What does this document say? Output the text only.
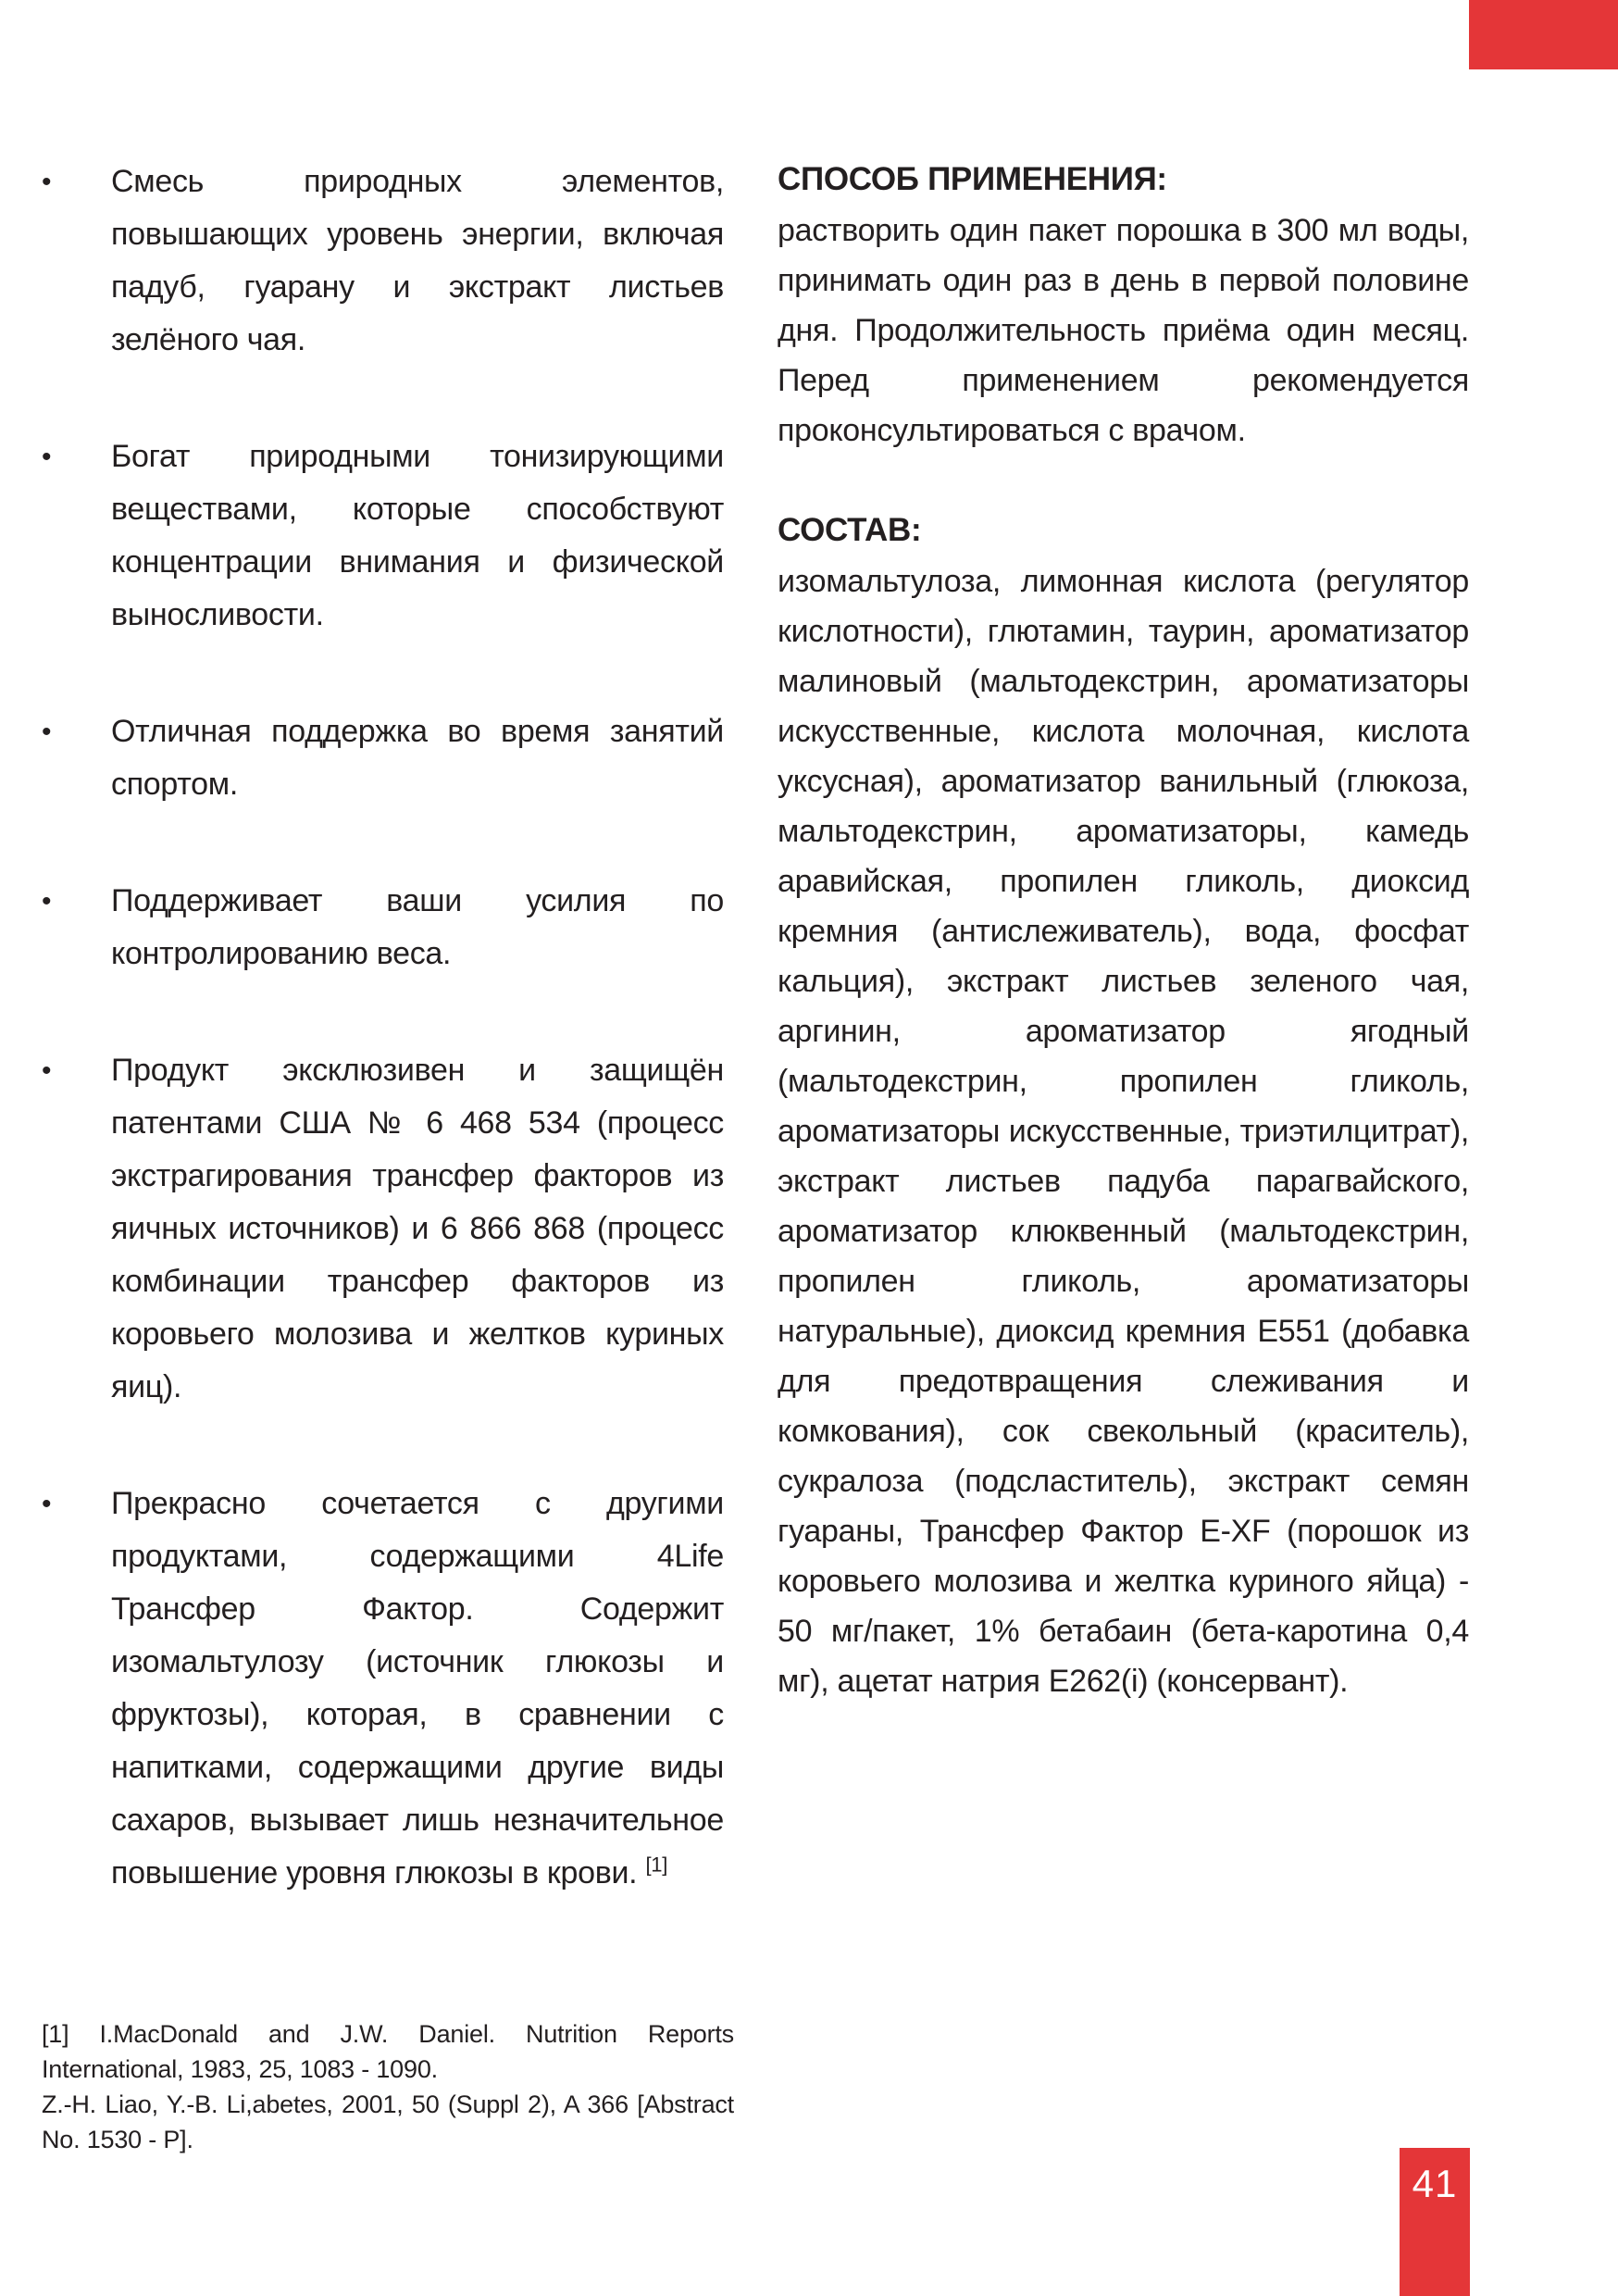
•	Смесь природных элементов, повышающих уровень энергии, включая падуб, гуарану и экстракт листьев зелёного чая.
•	Богат природными тонизирующими веществами, которые способствуют концентрации внимания и физической выносливости.
•	Отличная поддержка во время занятий спортом.
•	Поддерживает ваши усилия по контролированию веса.
•	Продукт эксклюзивен и защищён патентами США № 6 468 534 (процесс экстрагирования трансфер факторов из яичных источников) и 6 866 868 (процесс комбинации трансфер факторов из коровьего молозива и желтков куриных яиц).
•	Прекрасно сочетается с другими продуктами, содержащими 4Life Трансфер Фактор. Содержит изомальтулозу (источник глюкозы и фруктозы), которая, в сравнении с напитками, содержащими другие виды сахаров, вызывает лишь незначительное повышение уровня глюкозы в крови. [1]
СПОСОБ ПРИМЕНЕНИЯ:

растворить один пакет порошка в 300 мл воды, принимать один раз в день в первой половине дня. Продолжительность приёма один месяц. Перед применением рекомендуется проконсультироваться с врачом.

СОСТАВ:

изомальтулоза, лимонная кислота (регулятор кислотности), глютамин, таурин, ароматизатор малиновый (мальтодекстрин, ароматизаторы искусственные, кислота молочная, кислота уксусная), ароматизатор ванильный (глюкоза, мальтодекстрин, ароматизаторы, камедь аравийская, пропилен гликоль, диоксид кремния (антислеживатель), вода, фосфат кальция), экстракт листьев зеленого чая, аргинин, ароматизатор ягодный (мальтодекстрин, пропилен гликоль, ароматизаторы искусственные, триэтилцитрат), экстракт листьев падуба парагвайского, ароматизатор клюквенный (мальтодекстрин, пропилен гликоль, ароматизаторы натуральные), диоксид кремния Е551 (добавка для предотвращения слеживания и комкования), сок свекольный (краситель), сукралоза (подсластитель), экстракт семян гуараны, Трансфер Фактор E-XF (порошок из коровьего молозива и желтка куриного яйца) - 50 мг/пакет, 1% бетабаин (бета-каротина 0,4 мг), ацетат натрия Е262(i) (консервант).

[1] I.MacDonald and J.W. Daniel. Nutrition Reports International, 1983, 25, 1083 - 1090.

Z.-H. Liao, Y.-B. Li,abetes, 2001, 50 (Suppl 2), A 366 [Abstract No. 1530 - P].

41
